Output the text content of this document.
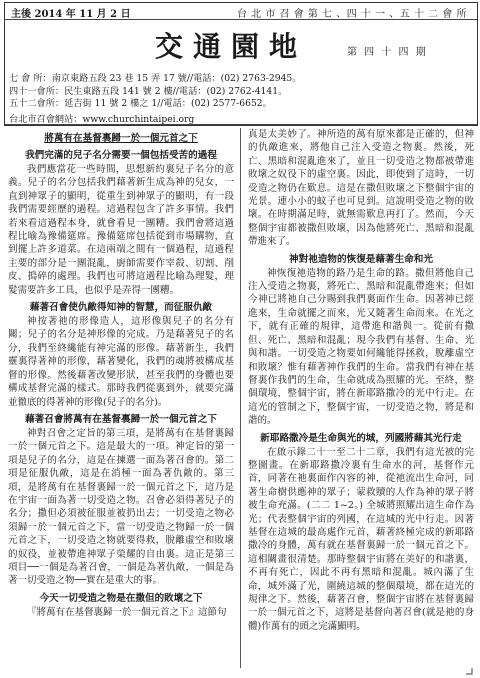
主後 2014 年 11 月 2 日	台 北 市 召 會 第 七 、四 十 一 、五 十 二 會 所
交通園地	第 四 十 四 期
七 會 所：南京東路五段 23 巷 15 弄 17 號//電話：(02) 2763-2945。
四十一會所：民生東路五段 141 號 2 樓//電話：(02) 2762-4141。
五十二會所：延吉街 11 號 2 樓之 1//電話：(02) 2577-6652。
台北市召會網站：www.churchintaipei.org
將萬有在基督裏歸一於一個元首之下
我們完滿的兒子名分需要一個包括受苦的過程

我們應當花一些時間，思想新約裏兒子名分的意義。兒子的名分包括我們藉著新生成為神的兒女，一直到神眾子的顯明，從重生到神眾子的顯明，有一段我們需要經歷的過程。這過程包含了許多事情。我們若來看這過程本身，就會看見一團糟。我們會將這過程比喻為豫備筵席。豫備筵席包括從到市場購物，直到擺上許多道菜。在這兩端之間有一個過程，這過程主要的部分是一團混亂，廚師需要作宰殺、切割、削皮、搗碎的處理。我們也可將這過程比喻為理髮，理髮需要許多工具，也似乎是弄得一團糟。

藉著召會使仇敵得知神的智慧，而征服仇敵

神按著祂的形像造人，這形像與兒子的名分有關；兒子的名分是神形像的完成。乃是藉著兒子的名分，我們至終纔能有神完滿的形像。藉著新生，我們靈裏得著神的形像，藉著變化，我們的魂將被構成基督的形像。然後藉著改變形狀，甚至我們的身體也要構成基督完滿的樣式。那時我們從裏到外，就要完滿並徹底的得著神的形像(兒子的名分)。

藉著召會將萬有在基督裏歸一於一個元首之下

神對召會之定旨的第三項，是將萬有在基督裏歸一於一個元首之下。這是最大的一項。神定旨的第一項是兒子的名分，這是在揀選一面為著召會的。第二項是征服仇敵，這是在消極一面為著仇敵的。第三項，是將萬有在基督裏歸一於一個元首之下，這乃是在宇宙一面為著一切受造之物。召會必須得著兒子的名分；撒但必須被征服並被扔出去；一切受造之物必須歸一於一個元首之下，當一切受造之物歸一於一個元首之下，一切受造之物就要得救，脫離虛空和敗壞的奴役，並被帶進神眾子榮耀的自由裏。這正是第三項目──一個是為著召會，一個是為著仇敵，一個是為著一切受造之物──實在是重大的事。

今天一切受造之物是在撒但的敗壞之下

『將萬有在基督裏歸一於一個元首之下』這節句

真是太美妙了。神所造的萬有原來都是正確的，但神的仇敵進來，將他自己注入受造之物裏。然後，死亡、黑暗和混亂進來了，並且一切受造之物都被帶進敗壞之奴役下的虛空裏。因此，即使到了這時，一切受造之物仍在歎息。這是在撒但敗壞之下整個宇宙的光景。連小小的蚊子也可見到。這說明受造之物的敗壞。在時期滿足時，就無需歎息再打了。然而，今天整個宇宙都被撒但敗壞，因為他將死亡、黑暗和混亂帶進來了。

神對祂造物的恢復是藉著生命和光

神恢復祂造物的路乃是生命的路。撒但將他自己注入受造之物裏，將死亡、黑暗和混亂帶進來；但如今神已將祂自己分賜到我們裏面作生命。因著神已經進來，生命就擺之而來，光又隨著生命而來。在光之下，就有正確的規律，這帶進和諧與一。從前有撒但、死亡、黑暗和混亂；現今我們有基督、生命、光與和諧。一切受造之物要如何纔能得拯救，脫離虛空和敗壞？惟有藉著神作我們的生命。當我們有神在基督裏作我們的生命，生命就成為照耀的光。至終，整個環境，整個宇宙，將在新耶路撒冷的光中行走。在這光的管制之下，整個宇宙，一切受造之物，將是和諧的。

新耶路撒冷是生命與光的城，列國將藉其光行走

在啟示錄二十一至二十二章，我們有這光被的完整圖畫。在新耶路撒冷裏有生命水的河，基督作元首，同著在祂裏面作內容的神，從祂流出生命河，同著生命樹供應神的眾子；蒙救贖的人作為神的眾子將被生命充滿。(二二 1~2。) 全城將照耀出這生命作為光；代表整個宇宙的列國，在這城的光中行走。因著基督在這城的最高處作元首，藉著終極完成的新耶路撒冷的身體，萬有就在基督裏歸一於一個元首之下。這相關畫很清楚。那時整個宇宙將在美好的和諧裏，不再有死亡，因此不再有黑暗和混亂。城內滿了生命，城外滿了光，圍繞這城的整個環境，都在這光的規律之下。然後，藉著召會，整個宇宙將在基督裏歸一於一個元首之下，這將是基督向著召會(就是祂的身體)作萬有的頭之完滿顯明。
